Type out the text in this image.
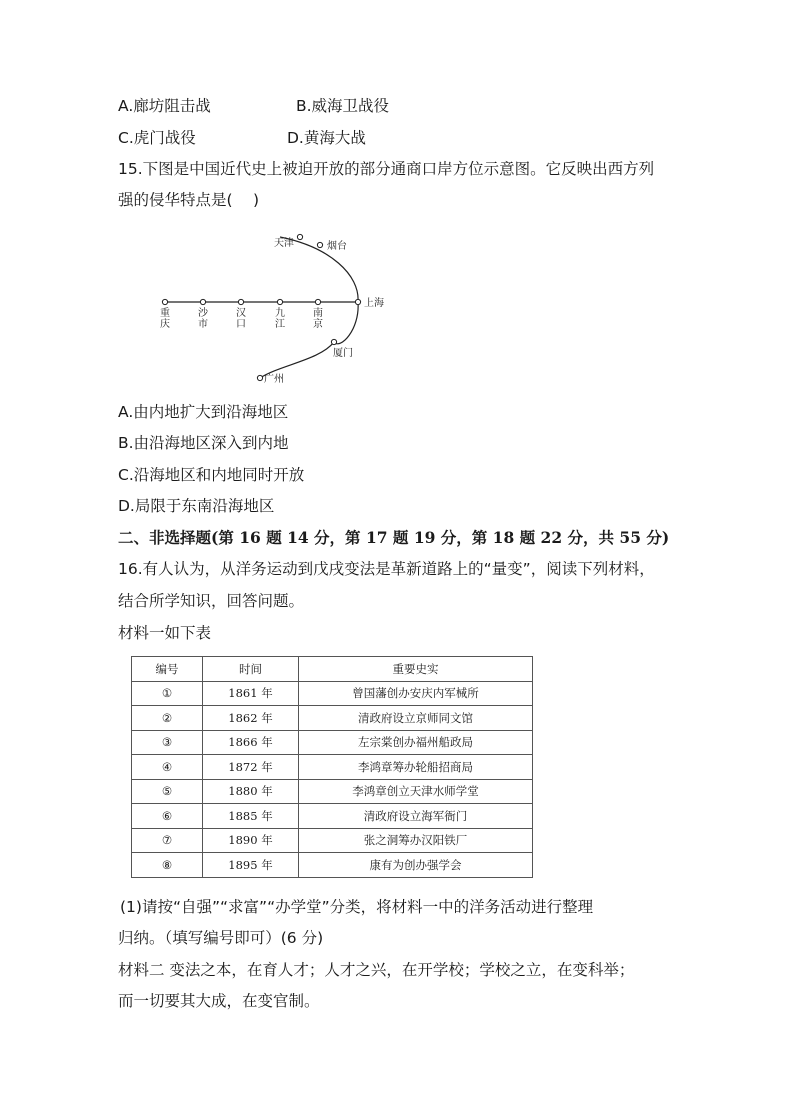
A.廊坊阻击战	B.威海卫战役
C.虎门战役	D.黄海大战
15.下图是中国近代史上被迫开放的部分通商口岸方位示意图。它反映出西方列
强的侵华特点是(　 )
重庆
沙市
汉口
九江
南京
天津	烟台
上海
厦门
广州
A.由内地扩大到沿海地区
B.由沿海地区深入到内地
C.沿海地区和内地同时开放
D.局限于东南沿海地区
二、非选择题(第 16 题 14 分，第 17 题 19 分，第 18 题 22 分，共 55 分)
16.有人认为，从洋务运动到戊戌变法是革新道路上的“量变”，阅读下列材料，
结合所学知识，回答问题。
材料一如下表
编号	时间	重要史实
①	1861 年	曾国藩创办安庆内军械所
②	1862 年	清政府设立京师同文馆
③	1866 年	左宗棠创办福州船政局
④	1872 年	李鸿章筹办轮船招商局
⑤	1880 年	李鸿章创立天津水师学堂
⑥	1885 年	清政府设立海军衙门
⑦	1890 年	张之洞筹办汉阳铁厂
⑧	1895 年	康有为创办强学会
(1)请按“自强”“求富”“办学堂”分类，将材料一中的洋务活动进行整理
归纳。（填写编号即可）(6 分)
材料二 变法之本，在育人才；人才之兴，在开学校；学校之立，在变科举；
而一切要其大成，在变官制。
